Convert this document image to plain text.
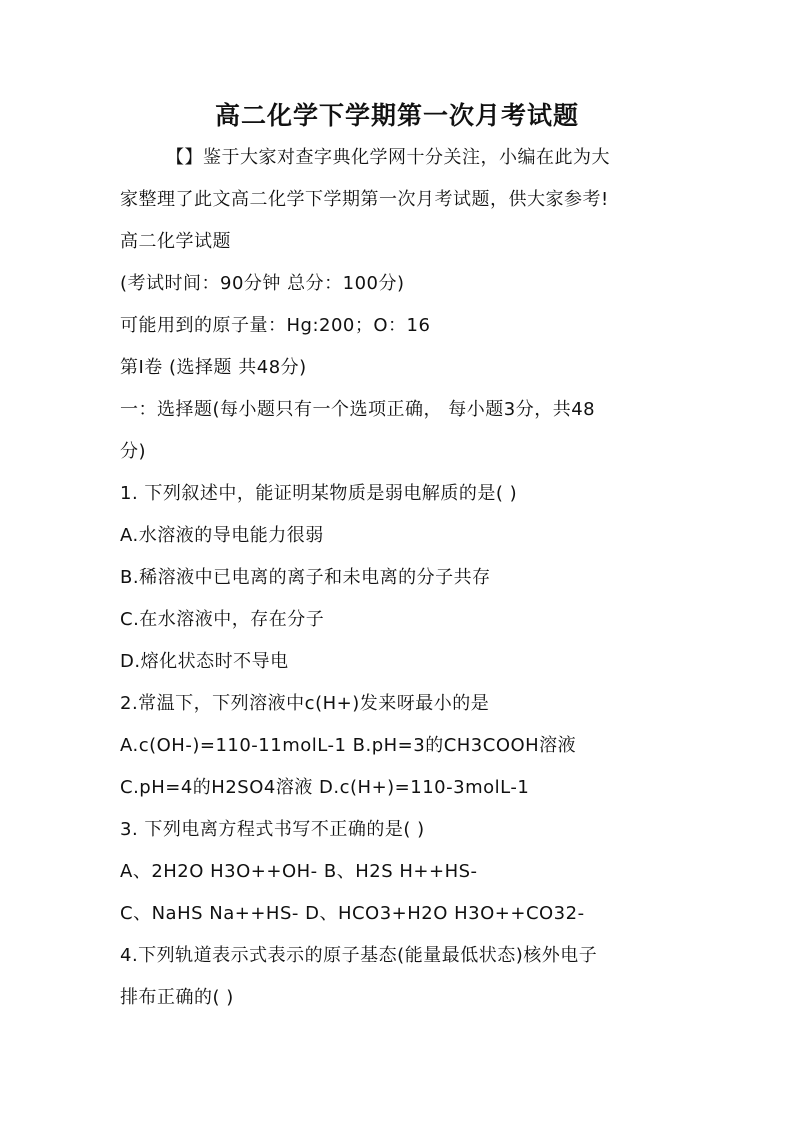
高二化学下学期第一次月考试题
【】鉴于大家对查字典化学网十分关注，小编在此为大
家整理了此文高二化学下学期第一次月考试题，供大家参考!
高二化学试题
(考试时间：90分钟 总分：100分)
可能用到的原子量：Hg:200；O：16
第Ⅰ卷 (选择题 共48分)
一：选择题(每小题只有一个选项正确， 每小题3分，共48
分)
1. 下列叙述中，能证明某物质是弱电解质的是( )
A.水溶液的导电能力很弱
B.稀溶液中已电离的离子和未电离的分子共存
C.在水溶液中，存在分子
D.熔化状态时不导电
2.常温下，下列溶液中c(H+)发来呀最小的是
A.c(OH-)=110-11molL-1 B.pH=3的CH3COOH溶液
C.pH=4的H2SO4溶液 D.c(H+)=110-3molL-1
3. 下列电离方程式书写不正确的是( )
A、2H2O H3O++OH- B、H2S H++HS-
C、NaHS Na++HS- D、HCO3+H2O H3O++CO32-
4.下列轨道表示式表示的原子基态(能量最低状态)核外电子
排布正确的( )
